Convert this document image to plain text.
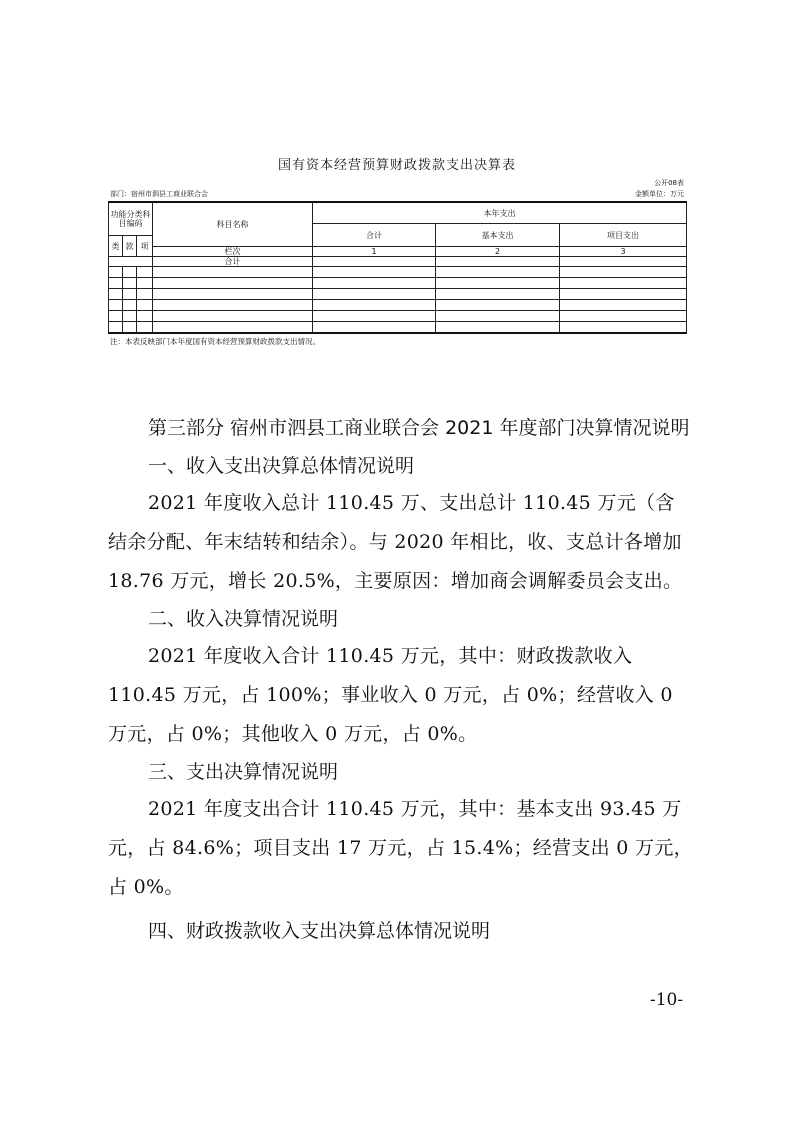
国有资本经营预算财政拨款支出决算表
公开08表
部门：宿州市泗县工商业联合会	金额单位：万元
功能分类科目编码			科目名称	本年支出		
				合计	基本支出	项目支出
类	款	项				
			栏次	1	2	3
			合计			

注：本表反映部门本年度国有资本经营预算财政拨款支出情况。

第三部分 宿州市泗县工商业联合会 2021 年度部门决算情况说明

一、收入支出决算总体情况说明

2021 年度收入总计 110.45 万、支出总计 110.45 万元（含结余分配、年末结转和结余）。与 2020 年相比，收、支总计各增加 18.76 万元，增长 20.5%，主要原因：增加商会调解委员会支出。

二、收入决算情况说明

2021 年度收入合计 110.45 万元，其中：财政拨款收入 110.45 万元，占 100%；事业收入 0 万元，占 0%；经营收入 0 万元，占 0%；其他收入 0 万元，占 0%。

三、支出决算情况说明

2021 年度支出合计 110.45 万元，其中：基本支出 93.45 万元，占 84.6%；项目支出 17 万元，占 15.4%；经营支出 0 万元，占 0%。

四、财政拨款收入支出决算总体情况说明

-10-
